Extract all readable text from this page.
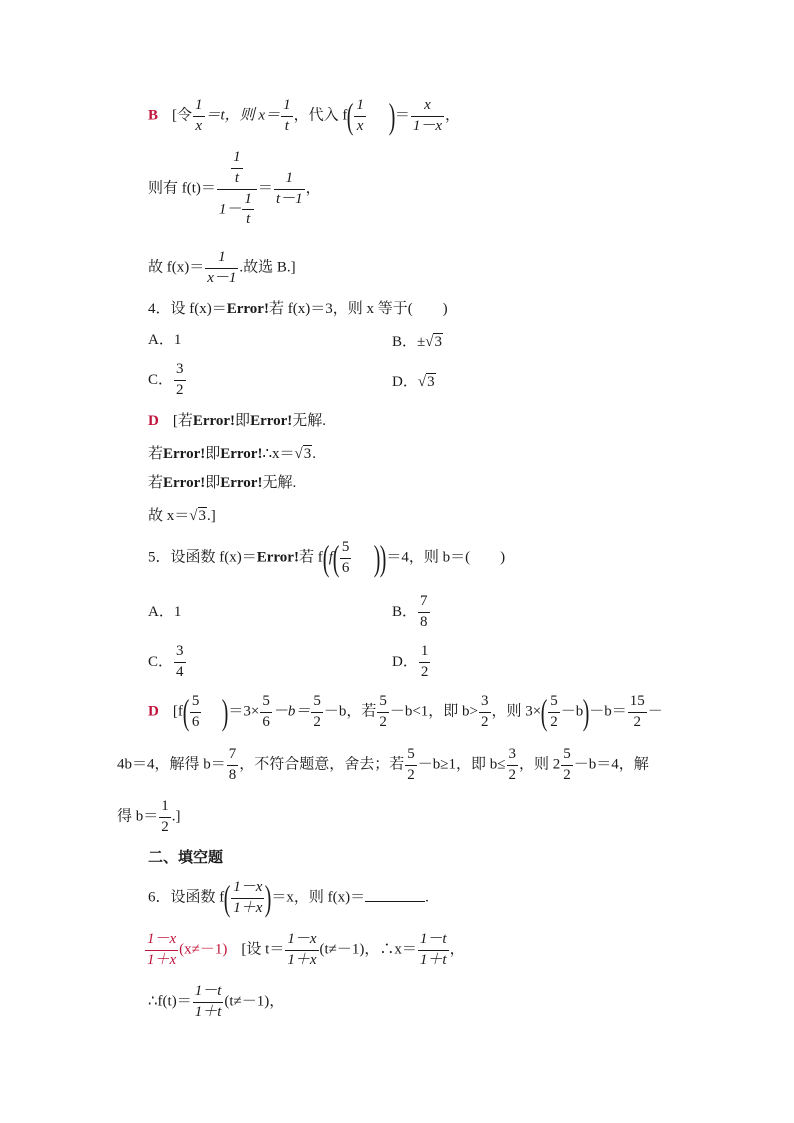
B [令 $\frac{1}{x} =t$，则 $x= \frac{1}{t}$ ，代入 $f( \frac{1}{x}$ )＝ $\frac{x}{1-x}$ ，
则有 $f(t)= \frac{\frac{1}{t}}{1- \frac{1}{t}} = \frac{1}{t-1}$ ，
故 $f(x)= \frac{1}{x-1}$ .故选 B.]
4．设 f(x)＝Error!若 f(x)＝3，则 x 等于(　　)
A．1	B．±√3
C． $\frac{3}{2}$	D．√3
D [若Error!即Error!无解.
若Error!即Error!∴x＝√3.
若Error!即Error!无解.
故 x＝√3.]
5．设函数 f(x)＝Error!若 $f(f( \frac{5}{6} ))=4$，则 b＝(　　)
A．1	B． $\frac{7}{8}$
C． $\frac{3}{4}$	D． $\frac{1}{2}$
D [$f( \frac{5}{6} )=3\times \frac{5}{6} -b= \frac{5}{2} -b$，若 $\frac{5}{2} -b<1$，即 $b> \frac{3}{2}$ ，则 $3\times( \frac{5}{2} -b)-b= \frac{15}{2}$ －
4b＝4，解得 $b= \frac{7}{8}$ ，不符合题意，舍去；若 $\frac{5}{2} -b\ge 1$，即 $b\le \frac{3}{2}$ ，则 $2 \frac{5}{2} -b=4$，解
得 $b= \frac{1}{2}$ .]
二、填空题
6．设函数 $f( \frac{1-x}{1+x} )=x$，则 f(x)＝	.
$\frac{1-x}{1+x} (x\ne-1)$ [设 $t= \frac{1-x}{1+x} (t\ne-1)$，∴x＝ $\frac{1-t}{1+t}$ ，
∴f(t)＝ $\frac{1-t}{1+t} (t\ne-1)$，
